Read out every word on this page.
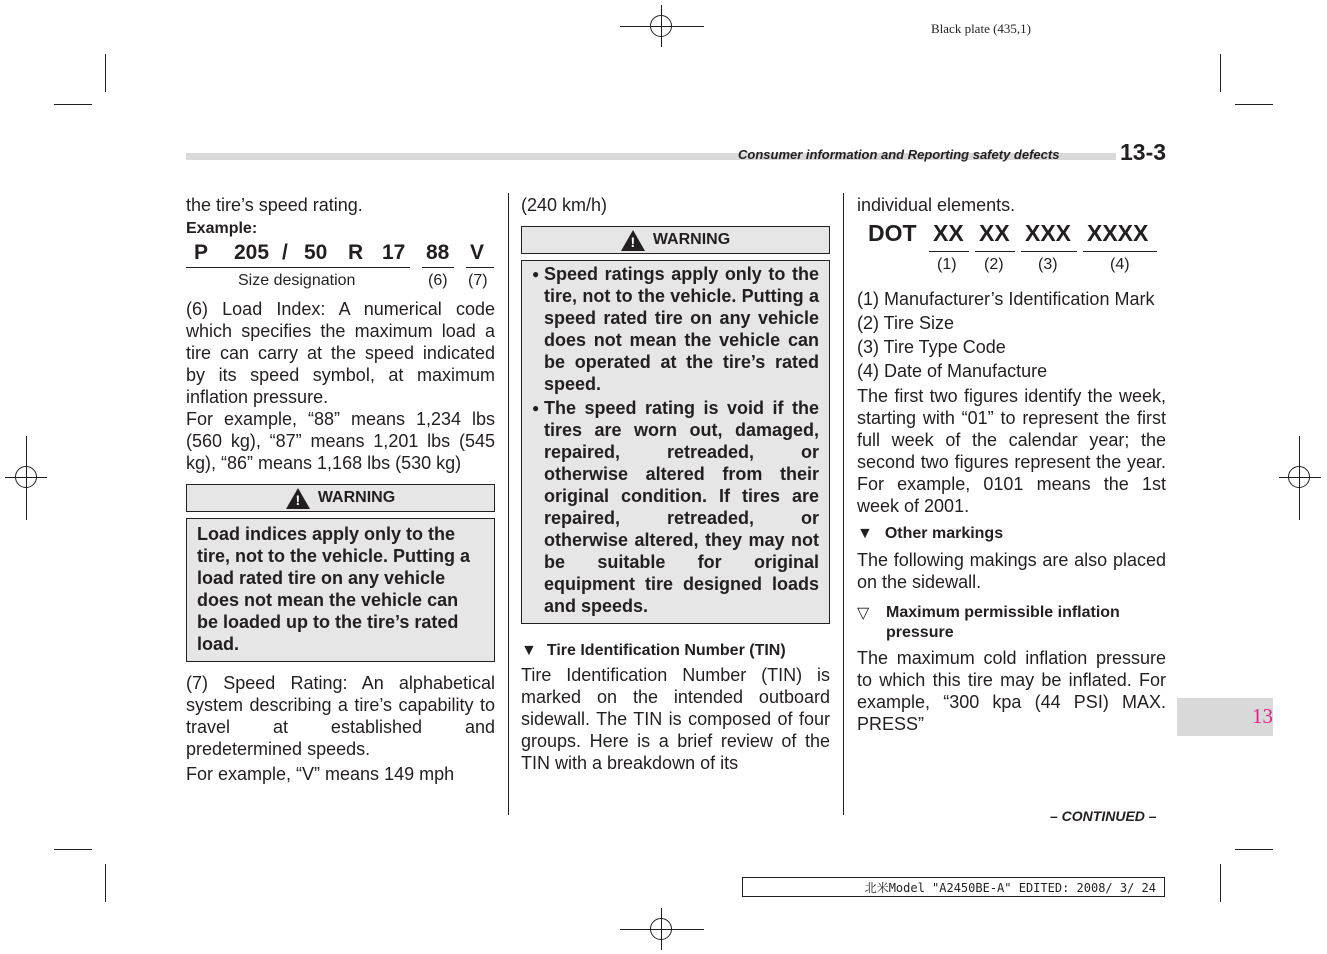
Black plate (435,1)
Consumer information and Reporting safety defects	13-3

the tire’s speed rating.

Example:
P 205 / 50 R 17 88 V
Size designation	(6) (7)

(6) Load Index: A numerical code which specifies the maximum load a tire can carry at the speed indicated by its speed symbol, at maximum inflation pressure.

For example, “88” means 1,234 lbs (560 kg), “87” means 1,201 lbs (545 kg), “86” means 1,168 lbs (530 kg)

! WARNING

Load indices apply only to the tire, not to the vehicle. Putting a load rated tire on any vehicle does not mean the vehicle can be loaded up to the tire’s rated load.

(7) Speed Rating: An alphabetical system describing a tire’s capability to travel at established and predetermined speeds.

For example, “V” means 149 mph

(240 km/h)

! WARNING
● Speed ratings apply only to the tire, not to the vehicle. Putting a speed rated tire on any vehicle does not mean the vehicle can be operated at the tire’s rated speed.

● The speed rating is void if the tires are worn out, damaged, repaired, retreaded, or otherwise altered from their original condition. If tires are repaired, retreaded, or otherwise altered, they may not be suitable for original equipment tire designed loads and speeds.

▼ Tire Identification Number (TIN)

Tire Identification Number (TIN) is marked on the intended outboard sidewall. The TIN is composed of four groups. Here is a brief review of the TIN with a breakdown of its

individual elements.

DOT XX XX XXX XXXX
(1) (2) (3)	(4)

(1) Manufacturer’s Identification Mark

(2) Tire Size

(3) Tire Type Code

(4) Date of Manufacture

The first two figures identify the week, starting with “01” to represent the first full week of the calendar year; the second two figures represent the year. For example, 0101 means the 1st week of 2001.

▼ Other markings

The following makings are also placed on the sidewall.

▽	Maximum permissible inflation pressure

The maximum cold inflation pressure to which this tire may be inflated. For example, “300 kpa (44 PSI) MAX. PRESS”

– CONTINUED –
13
北米Model "A2450BE-A" EDITED: 2008/ 3/ 24
